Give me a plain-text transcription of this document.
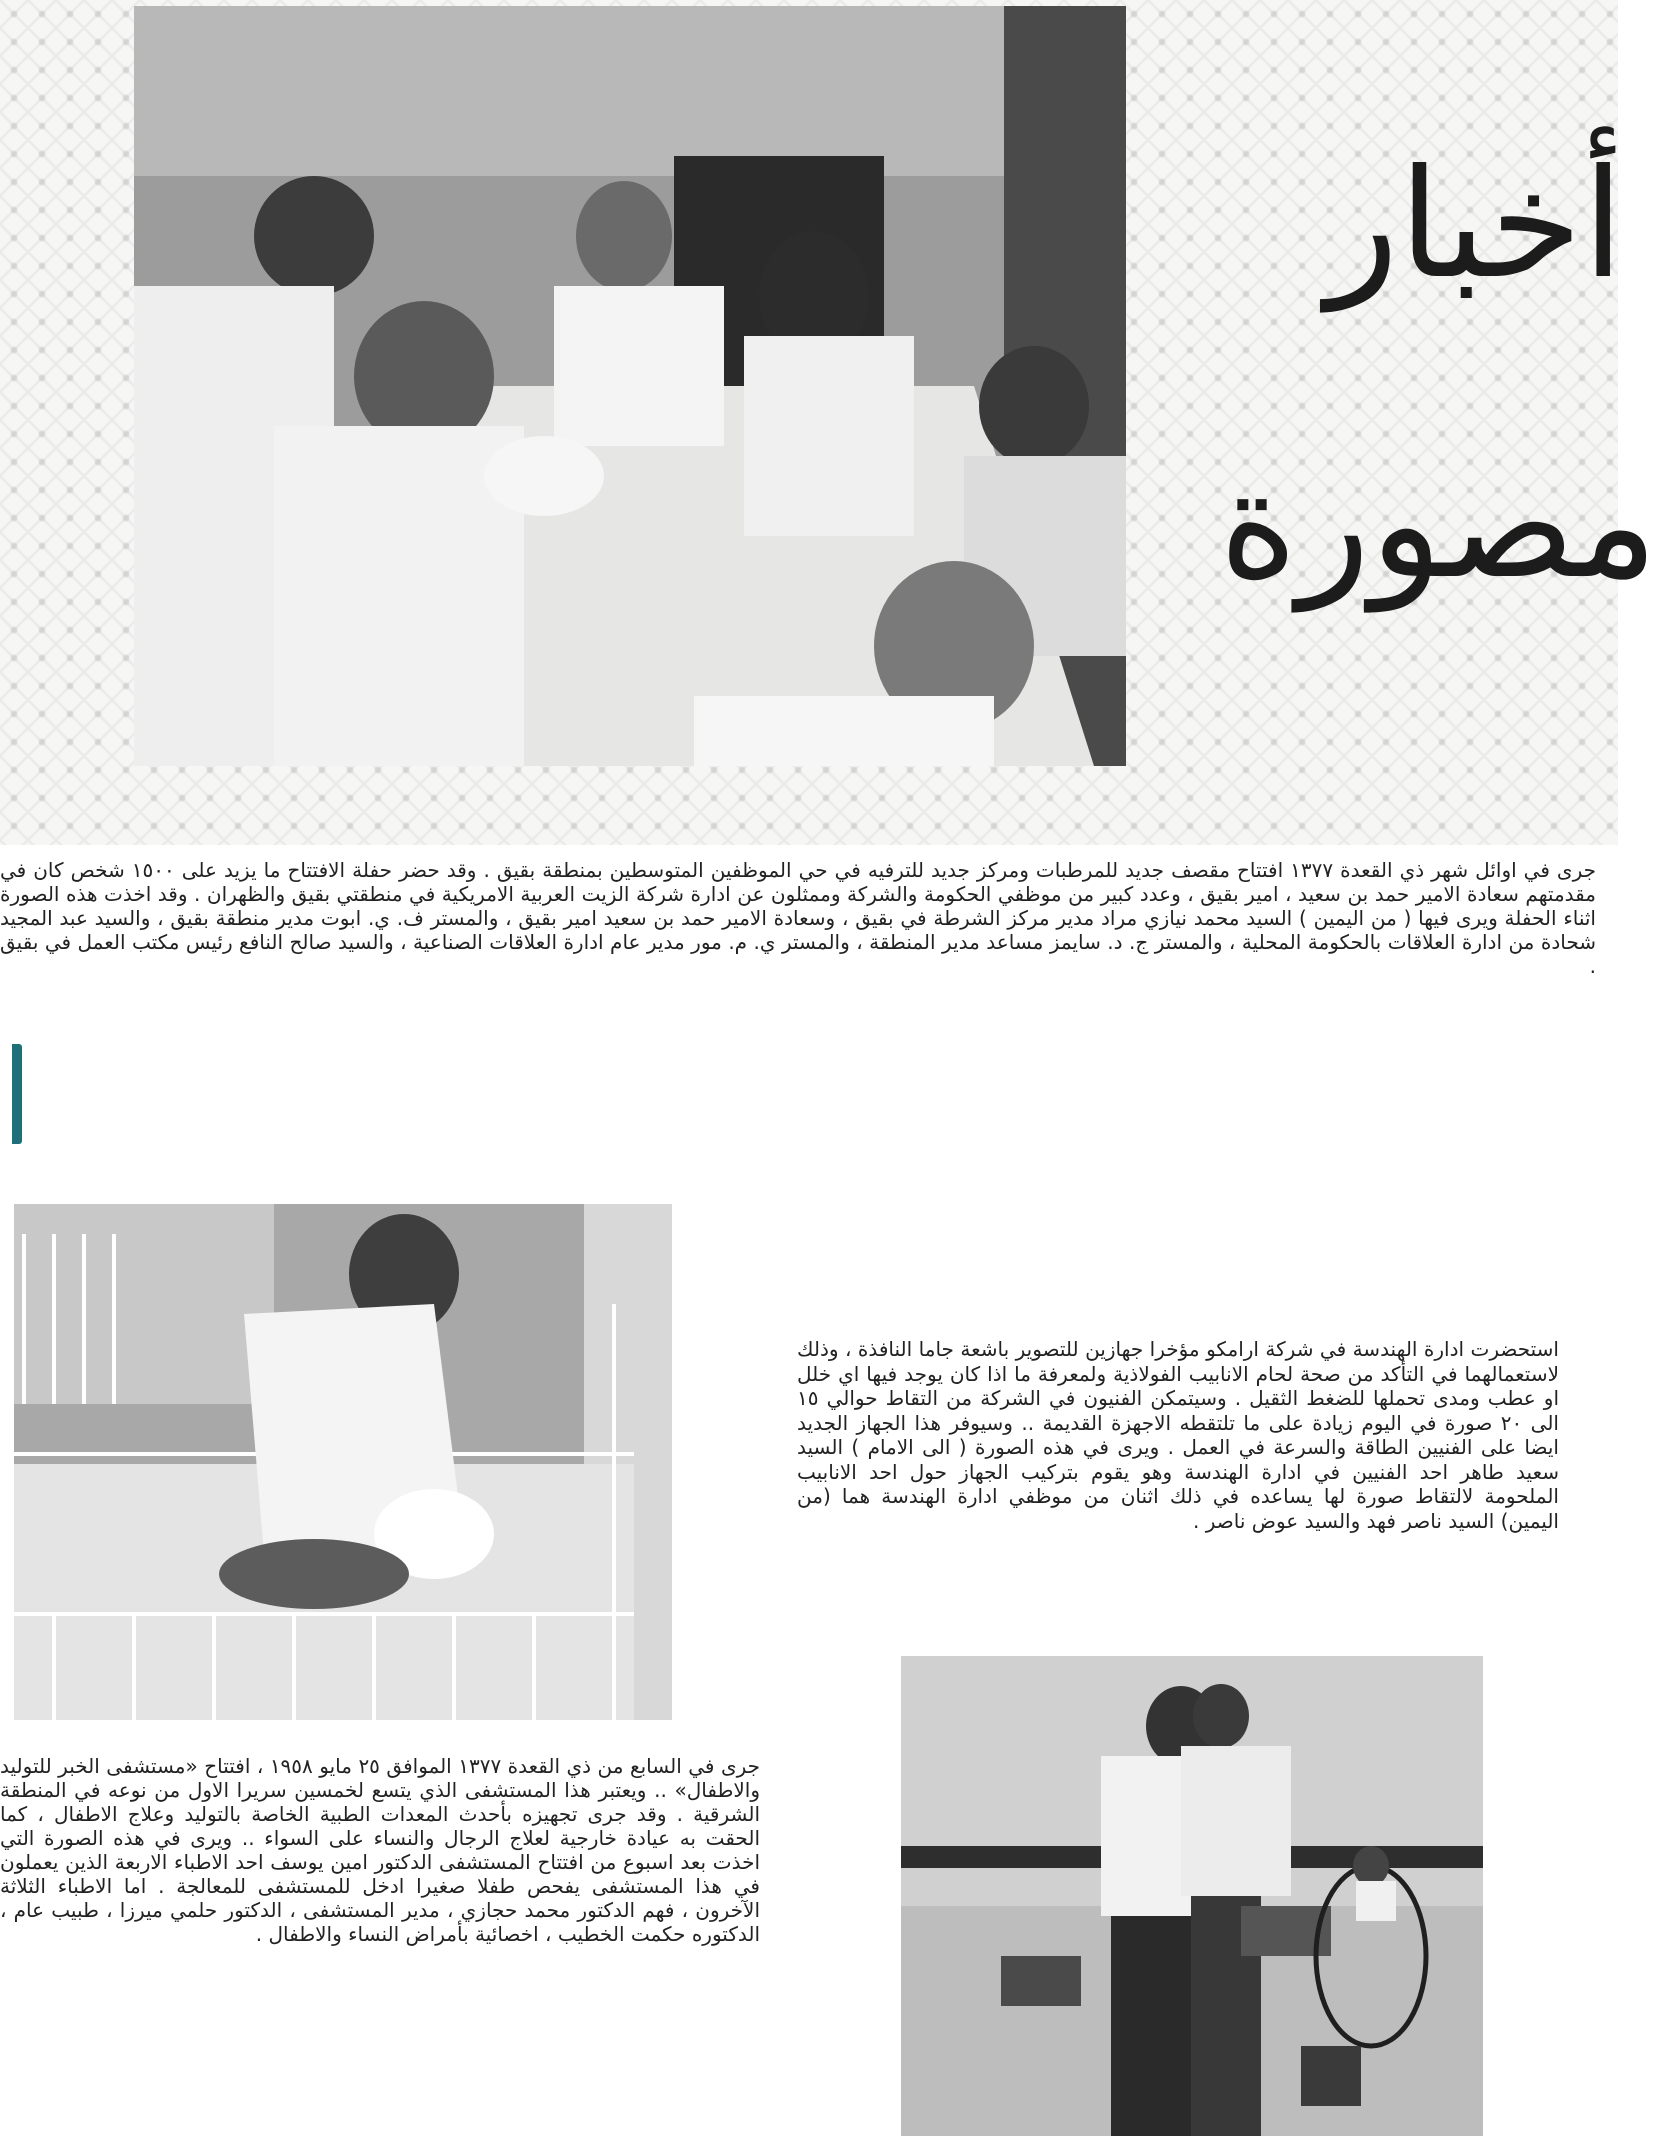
أخبار
مصورة

جرى في اوائل شهر ذي القعدة ١٣٧٧ افتتاح مقصف جديد للمرطبات ومركز جديد للترفيه في حي الموظفين المتوسطين بمنطقة بقيق . وقد حضر حفلة الافتتاح ما يزيد على ١٥٠٠ شخص كان في مقدمتهم سعادة الامير حمد بن سعيد ، امير بقيق ، وعدد كبير من موظفي الحكومة والشركة وممثلون عن ادارة شركة الزيت العربية الامريكية في منطقتي بقيق والظهران . وقد اخذت هذه الصورة اثناء الحفلة ويرى فيها ( من اليمين ) السيد محمد نيازي مراد مدير مركز الشرطة في بقيق ، وسعادة الامير حمد بن سعيد امير بقيق ، والمستر ف. ي. ابوت مدير منطقة بقيق ، والسيد عبد المجيد شحادة من ادارة العلاقات بالحكومة المحلية ، والمستر ج. د. سايمز مساعد مدير المنطقة ، والمستر ي. م. مور مدير عام ادارة العلاقات الصناعية ، والسيد صالح النافع رئيس مكتب العمل في بقيق .

استحضرت ادارة الهندسة في شركة ارامكو مؤخرا جهازين للتصوير باشعة جاما النافذة ، وذلك لاستعمالهما في التأكد من صحة لحام الانابيب الفولاذية ولمعرفة ما اذا كان يوجد فيها اي خلل او عطب ومدى تحملها للضغط الثقيل . وسيتمكن الفنيون في الشركة من التقاط حوالي ١٥ الى ٢٠ صورة في اليوم زيادة على ما تلتقطه الاجهزة القديمة .. وسيوفر هذا الجهاز الجديد ايضا على الفنيين الطاقة والسرعة في العمل . ويرى في هذه الصورة ( الى الامام ) السيد سعيد طاهر احد الفنيين في ادارة الهندسة وهو يقوم بتركيب الجهاز حول احد الانابيب الملحومة لالتقاط صورة لها يساعده في ذلك اثنان من موظفي ادارة الهندسة هما (من اليمين) السيد ناصر فهد والسيد عوض ناصر .

جرى في السابع من ذي القعدة ١٣٧٧ الموافق ٢٥ مايو ١٩٥٨ ، افتتاح «مستشفى الخبر للتوليد والاطفال» .. ويعتبر هذا المستشفى الذي يتسع لخمسين سريرا الاول من نوعه في المنطقة الشرقية . وقد جرى تجهيزه بأحدث المعدات الطبية الخاصة بالتوليد وعلاج الاطفال ، كما الحقت به عيادة خارجية لعلاج الرجال والنساء على السواء .. ويرى في هذه الصورة التي اخذت بعد اسبوع من افتتاح المستشفى الدكتور امين يوسف احد الاطباء الاربعة الذين يعملون في هذا المستشفى يفحص طفلا صغيرا ادخل للمستشفى للمعالجة . اما الاطباء الثلاثة الآخرون ، فهم الدكتور محمد حجازي ، مدير المستشفى ، الدكتور حلمي ميرزا ، طبيب عام ، الدكتوره حكمت الخطيب ، اخصائية بأمراض النساء والاطفال .
